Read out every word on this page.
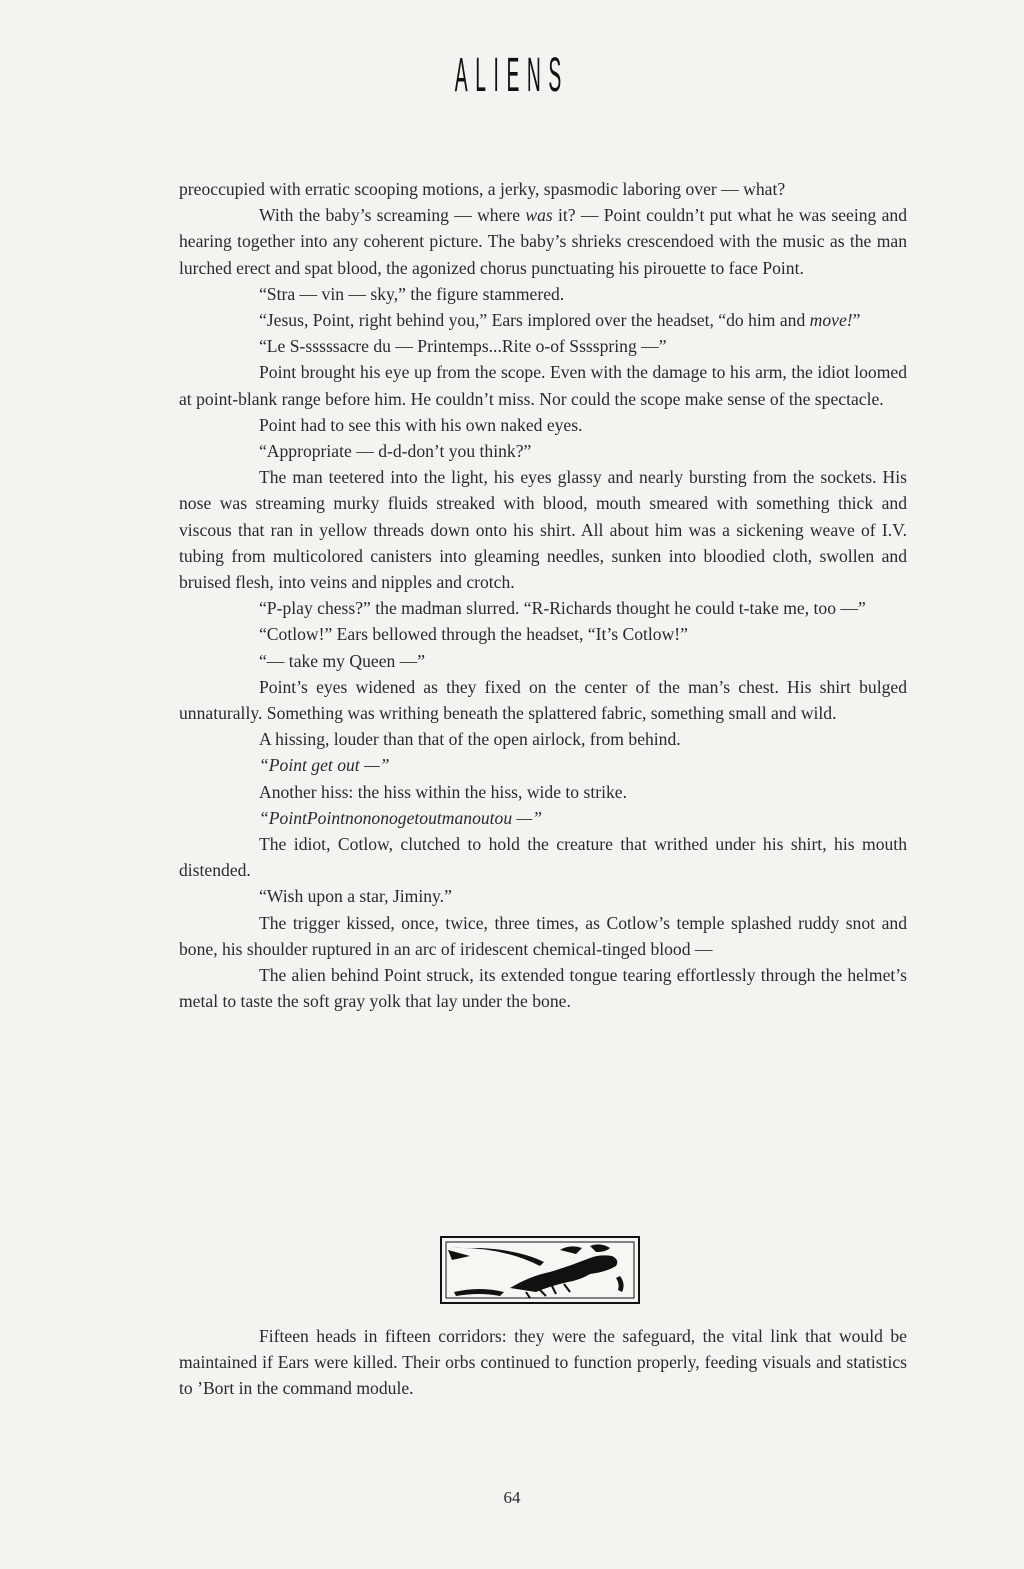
ALIENS

preoccupied with erratic scooping motions, a jerky, spasmodic laboring over — what?

With the baby’s screaming — where was it? — Point couldn’t put what he was seeing and hearing together into any coherent picture. The baby’s shrieks crescendoed with the music as the man lurched erect and spat blood, the agonized chorus punctuating his pirouette to face Point.

“Stra — vin — sky,” the figure stammered.

“Jesus, Point, right behind you,” Ears implored over the headset, “do him and move!”

“Le S-sssssacre du — Printemps...Rite o-of Sssspring —”

Point brought his eye up from the scope. Even with the damage to his arm, the idiot loomed at point-blank range before him. He couldn’t miss. Nor could the scope make sense of the spectacle.

Point had to see this with his own naked eyes.

“Appropriate — d-d-don’t you think?”

The man teetered into the light, his eyes glassy and nearly bursting from the sockets. His nose was streaming murky fluids streaked with blood, mouth smeared with something thick and viscous that ran in yellow threads down onto his shirt. All about him was a sickening weave of I.V. tubing from multicolored canisters into gleaming needles, sunken into bloodied cloth, swollen and bruised flesh, into veins and nipples and crotch.

“P-play chess?” the madman slurred. “R-Richards thought he could t-take me, too —”

“Cotlow!” Ears bellowed through the headset, “It’s Cotlow!”

“— take my Queen —”

Point’s eyes widened as they fixed on the center of the man’s chest. His shirt bulged unnaturally. Something was writhing beneath the splattered fabric, something small and wild.

A hissing, louder than that of the open airlock, from behind.

“Point get out —”

Another hiss: the hiss within the hiss, wide to strike.

“PointPointnononogetoutmanoutou —”

The idiot, Cotlow, clutched to hold the creature that writhed under his shirt, his mouth distended.

“Wish upon a star, Jiminy.”

The trigger kissed, once, twice, three times, as Cotlow’s temple splashed ruddy snot and bone, his shoulder ruptured in an arc of iridescent chemical-tinged blood —

The alien behind Point struck, its extended tongue tearing effortlessly through the helmet’s metal to taste the soft gray yolk that lay under the bone.

Fifteen heads in fifteen corridors: they were the safeguard, the vital link that would be maintained if Ears were killed. Their orbs continued to function properly, feeding visuals and statistics to ’Bort in the command module.

64
